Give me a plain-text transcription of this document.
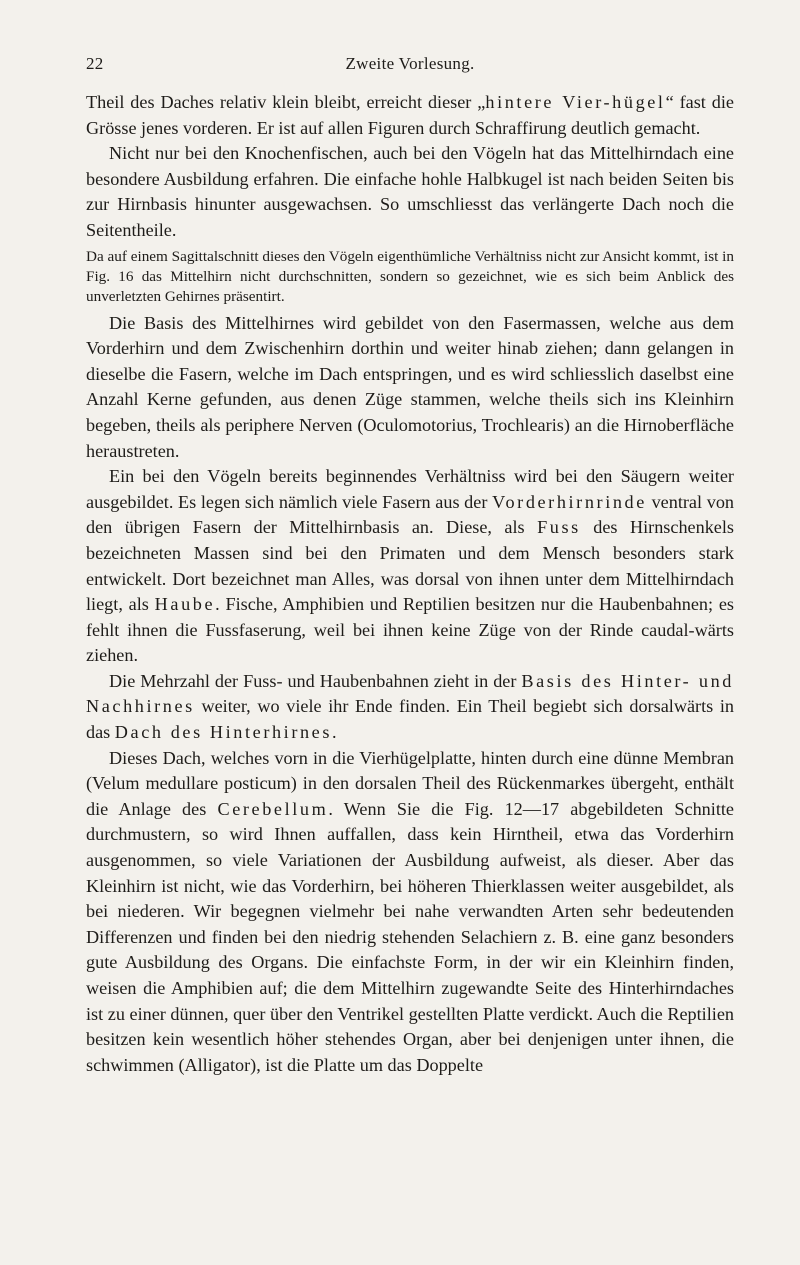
22	Zweite Vorlesung.

Theil des Daches relativ klein bleibt, erreicht dieser „hintere Vier-hügel“ fast die Grösse jenes vorderen. Er ist auf allen Figuren durch Schraffirung deutlich gemacht.

Nicht nur bei den Knochenfischen, auch bei den Vögeln hat das Mittelhirndach eine besondere Ausbildung erfahren. Die einfache hohle Halbkugel ist nach beiden Seiten bis zur Hirnbasis hinunter ausgewachsen. So umschliesst das verlängerte Dach noch die Seitentheile.

Da auf einem Sagittalschnitt dieses den Vögeln eigenthümliche Verhältniss nicht zur Ansicht kommt, ist in Fig. 16 das Mittelhirn nicht durchschnitten, sondern so gezeichnet, wie es sich beim Anblick des unverletzten Gehirnes präsentirt.

Die Basis des Mittelhirnes wird gebildet von den Fasermassen, welche aus dem Vorderhirn und dem Zwischenhirn dorthin und weiter hinab ziehen; dann gelangen in dieselbe die Fasern, welche im Dach entspringen, und es wird schliesslich daselbst eine Anzahl Kerne gefunden, aus denen Züge stammen, welche theils sich ins Kleinhirn begeben, theils als periphere Nerven (Oculomotorius, Trochlearis) an die Hirnoberfläche heraustreten.

Ein bei den Vögeln bereits beginnendes Verhältniss wird bei den Säugern weiter ausgebildet. Es legen sich nämlich viele Fasern aus der Vorderhirnrinde ventral von den übrigen Fasern der Mittelhirnbasis an. Diese, als Fuss des Hirnschenkels bezeichneten Massen sind bei den Primaten und dem Mensch besonders stark entwickelt. Dort bezeichnet man Alles, was dorsal von ihnen unter dem Mittelhirndach liegt, als Haube. Fische, Amphibien und Reptilien besitzen nur die Haubenbahnen; es fehlt ihnen die Fussfaserung, weil bei ihnen keine Züge von der Rinde caudal-wärts ziehen.

Die Mehrzahl der Fuss- und Haubenbahnen zieht in der Basis des Hinter- und Nachhirnes weiter, wo viele ihr Ende finden. Ein Theil begiebt sich dorsalwärts in das Dach des Hinterhirnes.

Dieses Dach, welches vorn in die Vierhügelplatte, hinten durch eine dünne Membran (Velum medullare posticum) in den dorsalen Theil des Rückenmarkes übergeht, enthält die Anlage des Cerebellum. Wenn Sie die Fig. 12—17 abgebildeten Schnitte durchmustern, so wird Ihnen auffallen, dass kein Hirntheil, etwa das Vorderhirn ausgenommen, so viele Variationen der Ausbildung aufweist, als dieser. Aber das Kleinhirn ist nicht, wie das Vorderhirn, bei höheren Thierklassen weiter ausgebildet, als bei niederen. Wir begegnen vielmehr bei nahe verwandten Arten sehr bedeutenden Differenzen und finden bei den niedrig stehenden Selachiern z. B. eine ganz besonders gute Ausbildung des Organs. Die einfachste Form, in der wir ein Kleinhirn finden, weisen die Amphibien auf; die dem Mittelhirn zugewandte Seite des Hinterhirndaches ist zu einer dünnen, quer über den Ventrikel gestellten Platte verdickt. Auch die Reptilien besitzen kein wesentlich höher stehendes Organ, aber bei denjenigen unter ihnen, die schwimmen (Alligator), ist die Platte um das Doppelte
